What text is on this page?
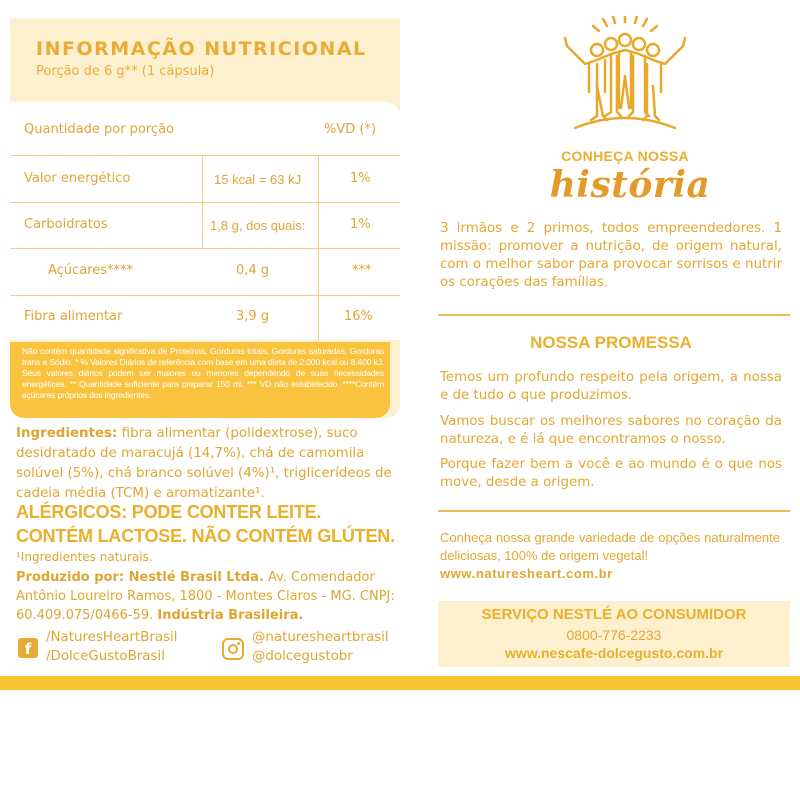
INFORMAÇÃO NUTRICIONAL
Porção de 6 g** (1 cápsula)
Quantidade por porção	%VD (*)
Valor energético	15 kcal = 63 kJ	1%
Carboidratos	1,8 g, dos quais:	1%
Açúcares****	0,4 g	***
Fibra alimentar	3,9 g	16%
Não contém quantidade significativa de Proteínas, Gorduras totais, Gorduras saturadas, Gorduras trans e Sódio. * % Valores Diários de referência com base em uma dieta de 2.000 kcal ou 8.400 kJ. Seus valores diários podem ser maiores ou menores dependendo de suas necessidades energéticas. ** Quantidade suficiente para preparar 150 ml. *** VD não estabelecido. ****Contém açúcares próprios dos ingredientes.
Ingredientes: fibra alimentar (polidextrose), suco desidratado de maracujá (14,7%), chá de camomila solúvel (5%), chá branco solúvel (4%)¹, triglicerídeos de cadeia média (TCM) e aromatizante¹.
ALÉRGICOS: PODE CONTER LEITE.
CONTÉM LACTOSE. NÃO CONTÉM GLÚTEN.
¹Ingredientes naturais.
Produzido por: Nestlé Brasil Ltda. Av. Comendador Antônio Loureiro Ramos, 1800 - Montes Claros - MG. CNPJ: 60.409.075/0466-59. Indústria Brasileira.
f
/NaturesHeartBrasil
/DolceGustoBrasil
@naturesheartbrasil
@dolcegustobr
CONHEÇA NOSSA
história
3 irmãos e 2 primos, todos empreendedores. 1 missão: promover a nutrição, de origem natural, com o melhor sabor para provocar sorrisos e nutrir os corações das famílias.
NOSSA PROMESSA
Temos um profundo respeito pela origem, a nossa e de tudo o que produzimos.
Vamos buscar os melhores sabores no coração da natureza, e é lá que encontramos o nosso.
Porque fazer bem a você e ao mundo é o que nos move, desde a origem.
Conheça nossa grande variedade de opções naturalmente deliciosas, 100% de origem vegetal!
www.naturesheart.com.br
SERVIÇO NESTLÉ AO CONSUMIDOR
0800-776-2233
www.nescafe-dolcegusto.com.br
